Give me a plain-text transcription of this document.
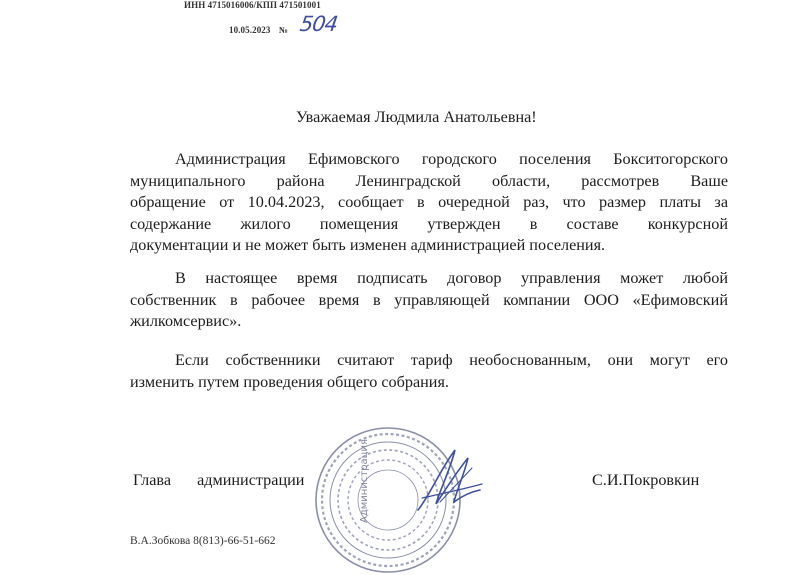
ИНН 4715016006/КПП 471501001
10.05.2023 № 504
Уважаемая Людмила Анатольевна!
Администрация Ефимовского городского поселения Бокситогорского
муниципального района Ленинградской области, рассмотрев Ваше
обращение от 10.04.2023, сообщает в очередной раз, что размер платы за
содержание жилого помещения утвержден в составе конкурсной
документации и не может быть изменен администрацией поселения.
В настоящее время подписать договор управления может любой
собственник в рабочее время в управляющей компании ООО «Ефимовский
жилкомсервис».
Если собственники считают тариф необоснованным, они могут его
изменить путем проведения общего собрания.
Администрация
Глава администрации	С.И.Покровкин
В.А.Зобкова 8(813)-66-51-662
